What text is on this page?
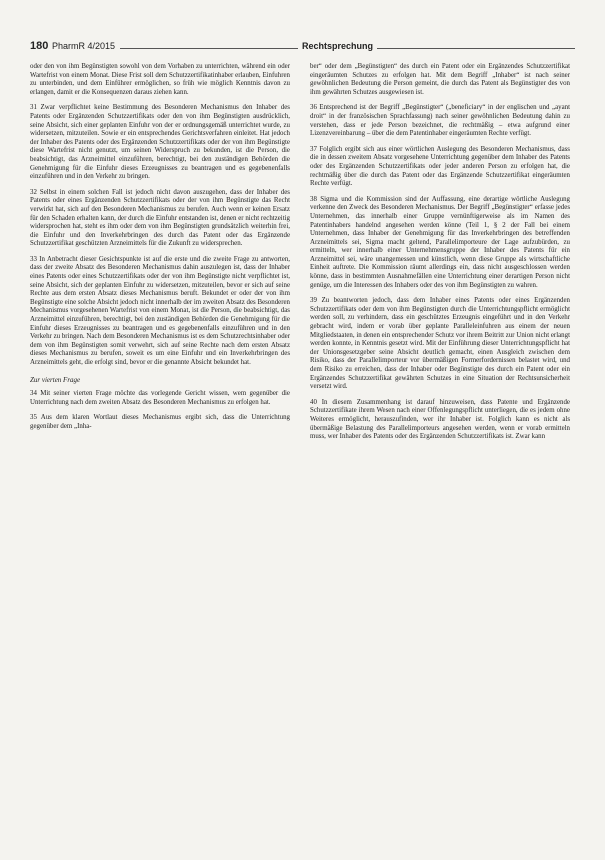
180 PharmR 4/2015	Rechtsprechung

oder den von ihm Begünstigten sowohl von dem Vorhaben zu unterrichten, während ein oder Wartefrist von einem Monat. Diese Frist soll dem Schutzzertifikatinhaber erlauben, Einfuhren zu unterbinden, und dem Einführer ermöglichen, so früh wie möglich Kenntnis davon zu erlangen, damit er die Konsequenzen daraus ziehen kann.

31 Zwar verpflichtet keine Bestimmung des Besonderen Mechanismus den Inhaber des Patents oder Ergänzenden Schutzzertifikats oder den von ihm Begünstigten ausdrücklich, seine Absicht, sich einer geplanten Einfuhr von der er ordnungsgemäß unterrichtet wurde, zu widersetzen, mitzuteilen. Sowie er ein entsprechendes Gerichtsverfahren einleitet. Hat jedoch der Inhaber des Patents oder des Ergänzenden Schutzzertifikats oder der von ihm Begünstigte diese Wartefrist nicht genutzt, um seinen Widerspruch zu bekunden, ist die Person, die beabsichtigt, das Arzneimittel einzuführen, berechtigt, bei den zuständigen Behörden die Genehmigung für die Einfuhr dieses Erzeugnisses zu beantragen und es gegebenenfalls einzuführen und in den Verkehr zu bringen.

32 Selbst in einem solchen Fall ist jedoch nicht davon auszugehen, dass der Inhaber des Patents oder eines Ergänzenden Schutzzertifikats oder der von ihm Begünstigte das Recht verwirkt hat, sich auf den Besonderen Mechanismus zu berufen. Auch wenn er keinen Ersatz für den Schaden erhalten kann, der durch die Einfuhr entstanden ist, denen er nicht rechtzeitig widersprochen hat, steht es ihm oder dem von ihm Begünstigten grundsätzlich weiterhin frei, die Einfuhr und den Inverkehrbringen des durch das Patent oder das Ergänzende Schutzzertifikat geschützten Arzneimittels für die Zukunft zu widersprechen.

33 In Anbetracht dieser Gesichtspunkte ist auf die erste und die zweite Frage zu antworten, dass der zweite Absatz des Besonderen Mechanismus dahin auszulegen ist, dass der Inhaber eines Patents oder eines Schutzzertifikats oder der von ihm Begünstigte nicht verpflichtet ist, seine Absicht, sich der geplanten Einfuhr zu widersetzen, mitzuteilen, bevor er sich auf seine Rechte aus dem ersten Absatz dieses Mechanismus beruft. Bekundet er oder der von ihm Begünstigte eine solche Absicht jedoch nicht innerhalb der im zweiten Absatz des Besonderen Mechanismus vorgesehenen Wartefrist von einem Monat, ist die Person, die beabsichtigt, das Arzneimittel einzuführen, berechtigt, bei den zuständigen Behörden die Genehmigung für die Einfuhr dieses Erzeugnisses zu beantragen und es gegebenenfalls einzuführen und in den Verkehr zu bringen. Nach dem Besonderen Mechanismus ist es dem Schutzrechtsinhaber oder dem von ihm Begünstigten somit verwehrt, sich auf seine Rechte nach dem ersten Absatz dieses Mechanismus zu berufen, soweit es um eine Einfuhr und ein Inverkehrbringen des Arzneimittels geht, die erfolgt sind, bevor er die genannte Absicht bekundet hat.

Zur vierten Frage

34 Mit seiner vierten Frage möchte das vorlegende Gericht wissen, wem gegenüber die Unterrichtung nach dem zweiten Absatz des Besonderen Mechanismus zu erfolgen hat.

35 Aus dem klaren Wortlaut dieses Mechanismus ergibt sich, dass die Unterrichtung gegenüber dem „Inha-

ber“ oder dem „Begünstigten“ des durch ein Patent oder ein Ergänzendes Schutzzertifikat eingeräumten Schutzes zu erfolgen hat. Mit dem Begriff „Inhaber“ ist nach seiner gewöhnlichen Bedeutung die Person gemeint, die durch das Patent als Begünstigter des von ihm gewährten Schutzes ausgewiesen ist.

36 Entsprechend ist der Begriff „Begünstigter“ („beneficiary“ in der englischen und „ayant droit“ in der französischen Sprachfassung) nach seiner gewöhnlichen Bedeutung dahin zu verstehen, dass er jede Person bezeichnet, die rechtmäßig – etwa aufgrund einer Lizenzvereinbarung – über die dem Patentinhaber eingeräumten Rechte verfügt.

37 Folglich ergibt sich aus einer wörtlichen Auslegung des Besonderen Mechanismus, dass die in dessen zweitem Absatz vorgesehene Unterrichtung gegenüber dem Inhaber des Patents oder des Ergänzenden Schutzzertifikats oder jeder anderen Person zu erfolgen hat, die rechtmäßig über die durch das Patent oder das Ergänzende Schutzzertifikat eingeräumten Rechte verfügt.

38 Sigma und die Kommission sind der Auffassung, eine derartige wörtliche Auslegung verkenne den Zweck des Besonderen Mechanismus. Der Begriff „Begünstigter“ erfasse jedes Unternehmen, das innerhalb einer Gruppe vernünftigerweise als im Namen des Patentinhabers handelnd angesehen werden könne (Teil 1, § 2 der Fall bei einem Unternehmen, dass Inhaber der Genehmigung für das Inverkehrbringen des betreffenden Arzneimittels sei, Sigma macht geltend, Parallelimporteure der Lage aufzubürden, zu ermitteln, wer innerhalb einer Unternehmensgruppe der Inhaber des Patents für ein Arzneimittel sei, wäre unangemessen und künstlich, wenn diese Gruppe als wirtschaftliche Einheit auftrete. Die Kommission räumt allerdings ein, dass nicht ausgeschlossen werden könne, dass in bestimmten Ausnahmefällen eine Unterrichtung einer derartigen Person nicht genüge, um die Interessen des Inhabers oder des von ihm Begünstigten zu wahren.

39 Zu beantworten jedoch, dass dem Inhaber eines Patents oder eines Ergänzenden Schutzzertifikats oder dem von ihm Begünstigten durch die Unterrichtungspflicht ermöglicht werden soll, zu verhindern, dass ein geschütztes Erzeugnis eingeführt und in den Verkehr gebracht wird, indem er vorab über geplante Paralleleinfuhren aus einem der neuen Mitgliedstaaten, in denen ein entsprechender Schutz vor ihrem Beitritt zur Union nicht erlangt werden konnte, in Kenntnis gesetzt wird. Mit der Einführung dieser Unterrichtungspflicht hat der Unionsgesetzgeber seine Absicht deutlich gemacht, einen Ausgleich zwischen dem Risiko, dass der Parallelimporteur vor übermäßigen Formerfordernissen belastet wird, und dem Risiko zu erreichen, dass der Inhaber oder Begünstigte des durch ein Patent oder ein Ergänzendes Schutzzertifikat gewährten Schutzes in eine Situation der Rechtsunsicherheit versetzt wird.

40 In diesem Zusammenhang ist darauf hinzuweisen, dass Patente und Ergänzende Schutzzertifikate ihrem Wesen nach einer Offenlegungspflicht unterliegen, die es jedem ohne Weiteres ermöglicht, herauszufinden, wer ihr Inhaber ist. Folglich kann es nicht als übermäßige Belastung des Parallelimporteurs angesehen werden, wenn er vorab ermitteln muss, wer Inhaber des Patents oder des Ergänzenden Schutzzertifikats ist. Zwar kann
